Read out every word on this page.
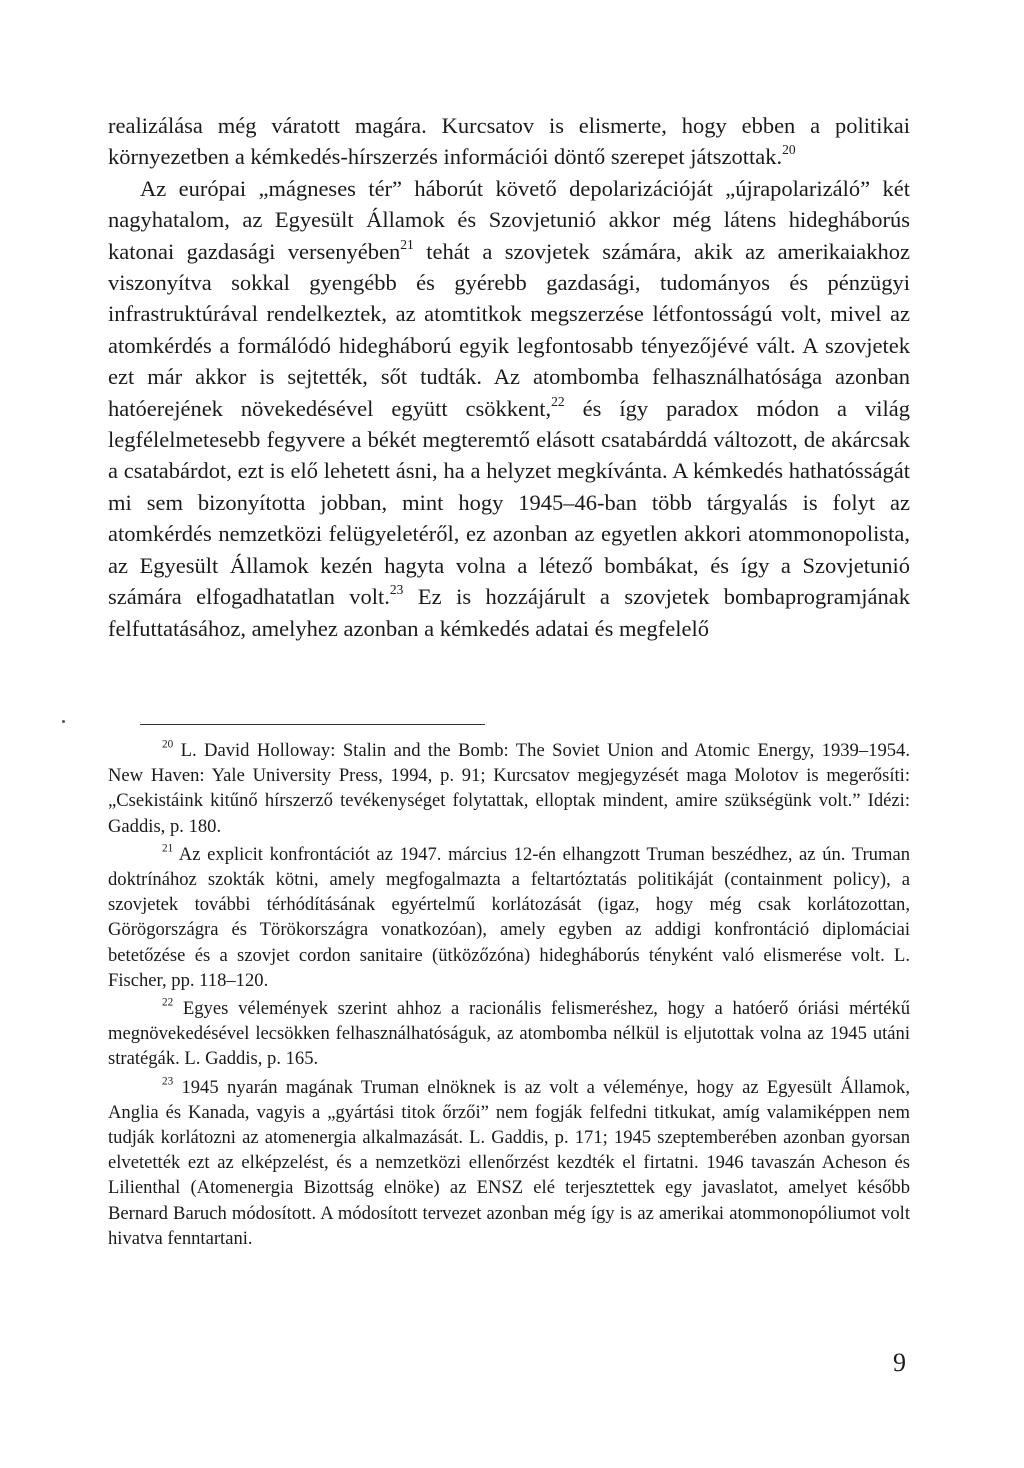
realizálása még váratott magára. Kurcsatov is elismerte, hogy ebben a politikai környezetben a kémkedés-hírszerzés információi döntő szerepet játszottak.$^{20}$

Az európai „mágneses tér” háborút követő depolarizációját „újrapolarizáló” két nagyhatalom, az Egyesült Államok és Szovjetunió akkor még látens hidegháborús katonai gazdasági versenyében$^{21}$ tehát a szovjetek számára, akik az amerikaiakhoz viszonyítva sokkal gyengébb és gyérebb gazdasági, tudományos és pénzügyi infrastruktúrával rendelkeztek, az atomtitkok megszerzése létfontosságú volt, mivel az atomkérdés a formálódó hidegháború egyik legfontosabb tényezőjévé vált. A szovjetek ezt már akkor is sejtették, sőt tudták. Az atombomba felhasználhatósága azonban hatóerejének növekedésével együtt csökkent,$^{22}$ és így paradox módon a világ legfélelmetesebb fegyvere a békét megteremtő elásott csatabárddá változott, de akárcsak a csatabárdot, ezt is elő lehetett ásni, ha a helyzet megkívánta. A kémkedés hathatósságát mi sem bizonyította jobban, mint hogy 1945–46-ban több tárgyalás is folyt az atomkérdés nemzetközi felügyeletéről, ez azonban az egyetlen akkori atommonopolista, az Egyesült Államok kezén hagyta volna a létező bombákat, és így a Szovjetunió számára elfogadhatatlan volt.$^{23}$ Ez is hozzájárult a szovjetek bombaprogramjának felfuttatásához, amelyhez azonban a kémkedés adatai és megfelelő

$^{20}$ L. David Holloway: Stalin and the Bomb: The Soviet Union and Atomic Energy, 1939–1954. New Haven: Yale University Press, 1994, p. 91; Kurcsatov megjegyzését maga Molotov is megerősíti: „Csekistáink kitűnő hírszerző tevékenységet folytattak, elloptak mindent, amire szükségünk volt.” Idézi: Gaddis, p. 180.

$^{21}$ Az explicit konfrontációt az 1947. március 12-én elhangzott Truman beszédhez, az ún. Truman doktrínához szokták kötni, amely megfogalmazta a feltartóztatás politikáját (containment policy), a szovjetek további térhódításának egyértelmű korlátozását (igaz, hogy még csak korlátozottan, Görögországra és Törökországra vonatkozóan), amely egyben az addigi konfrontáció diplomáciai betetőzése és a szovjet cordon sanitaire (ütközőzóna) hidegháborús tényként való elismerése volt. L. Fischer, pp. 118–120.

$^{22}$ Egyes vélemények szerint ahhoz a racionális felismeréshez, hogy a hatóerő óriási mértékű megnövekedésével lecsökken felhasználhatóságuk, az atombomba nélkül is eljutottak volna az 1945 utáni stratégák. L. Gaddis, p. 165.

$^{23}$ 1945 nyarán magának Truman elnöknek is az volt a véleménye, hogy az Egyesült Államok, Anglia és Kanada, vagyis a „gyártási titok őrzői” nem fogják felfedni titkukat, amíg valamiképpen nem tudják korlátozni az atomenergia alkalmazását. L. Gaddis, p. 171; 1945 szeptemberében azonban gyorsan elvetették ezt az elképzelést, és a nemzetközi ellenőrzést kezdték el firtatni. 1946 tavaszán Acheson és Lilienthal (Atomenergia Bizottság elnöke) az ENSZ elé terjesztettek egy javaslatot, amelyet később Bernard Baruch módosított. A módosított tervezet azonban még így is az amerikai atommonopóliumot volt hivatva fenntartani.

9
